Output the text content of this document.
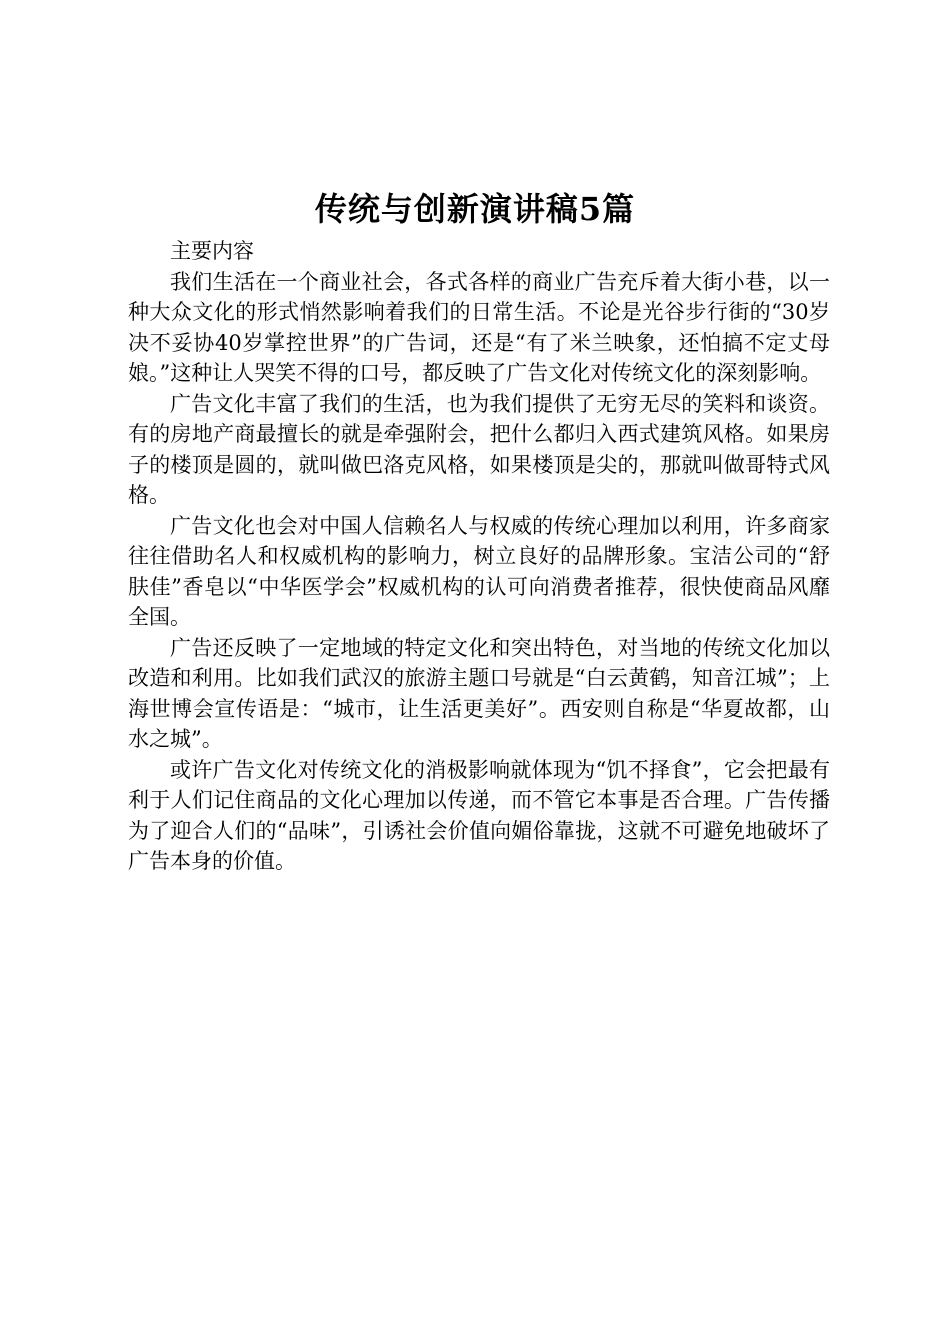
传统与创新演讲稿5篇

主要内容

我们生活在一个商业社会，各式各样的商业广告充斥着大街小巷，以一种大众文化的形式悄然影响着我们的日常生活。不论是光谷步行街的“30岁决不妥协40岁掌控世界”的广告词，还是“有了米兰映象，还怕搞不定丈母娘。”这种让人哭笑不得的口号，都反映了广告文化对传统文化的深刻影响。

广告文化丰富了我们的生活，也为我们提供了无穷无尽的笑料和谈资。有的房地产商最擅长的就是牵强附会，把什么都归入西式建筑风格。如果房子的楼顶是圆的，就叫做巴洛克风格，如果楼顶是尖的，那就叫做哥特式风格。

广告文化也会对中国人信赖名人与权威的传统心理加以利用，许多商家往往借助名人和权威机构的影响力，树立良好的品牌形象。宝洁公司的“舒肤佳”香皂以“中华医学会”权威机构的认可向消费者推荐，很快使商品风靡全国。

广告还反映了一定地域的特定文化和突出特色，对当地的传统文化加以改造和利用。比如我们武汉的旅游主题口号就是“白云黄鹤，知音江城”；上海世博会宣传语是：“城市，让生活更美好”。西安则自称是“华夏故都，山水之城”。

或许广告文化对传统文化的消极影响就体现为“饥不择食”，它会把最有利于人们记住商品的文化心理加以传递，而不管它本事是否合理。广告传播为了迎合人们的“品味”，引诱社会价值向媚俗靠拢，这就不可避免地破坏了广告本身的价值。
